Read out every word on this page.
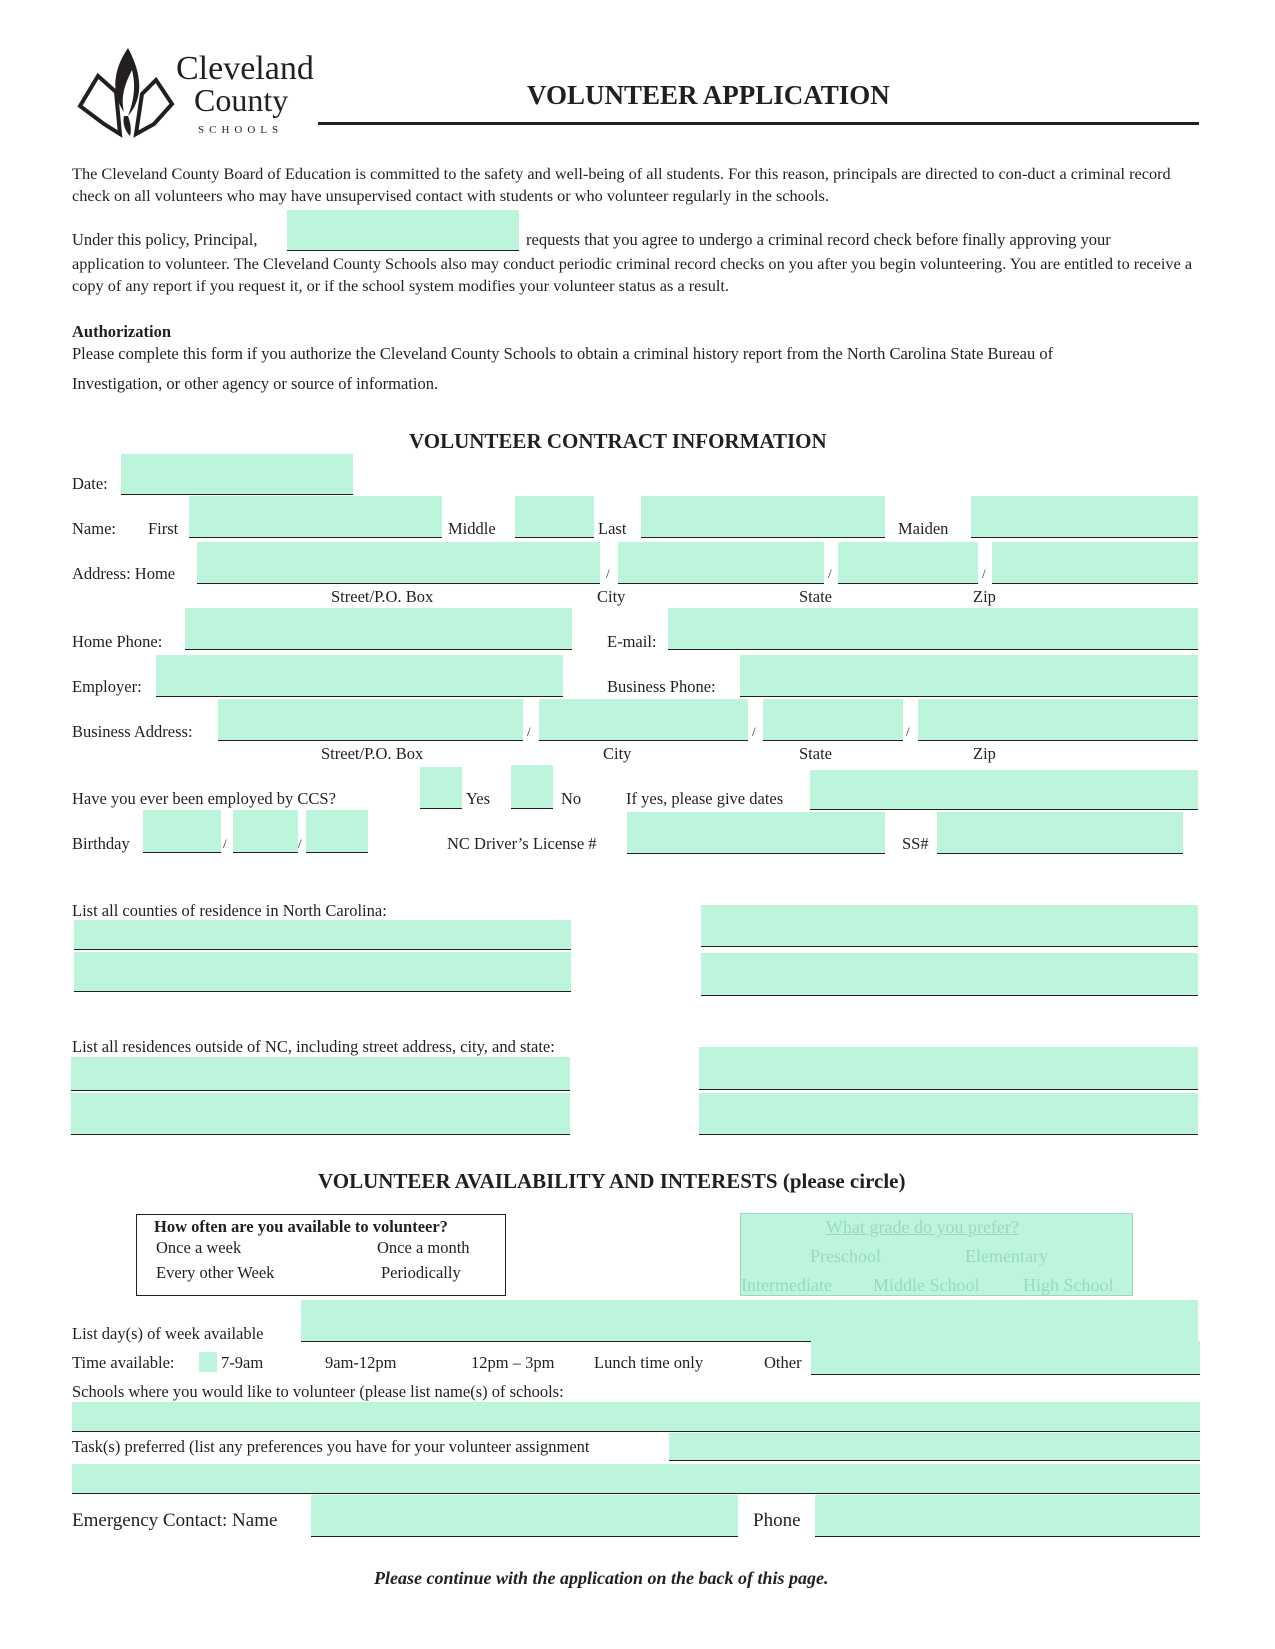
Cleveland
County
SCHOOLS
VOLUNTEER APPLICATION
The Cleveland County Board of Education is committed to the safety and well-being of all students. For this reason, principals are directed to con-duct a criminal record check on all volunteers who may have unsupervised contact with students or who volunteer regularly in the schools.
Under this policy, Principal,	requests that you agree to undergo a criminal record check before finally approving your
application to volunteer. The Cleveland County Schools also may conduct periodic criminal record checks on you after you begin volunteering. You are entitled to receive a copy of any report if you request it, or if the school system modifies your volunteer status as a result.
Authorization
Please complete this form if you authorize the Cleveland County Schools to obtain a criminal history report from the North Carolina State Bureau of
Investigation, or other agency or source of information.
VOLUNTEER CONTRACT INFORMATION
Date:
Name: First	Middle	Last	Maiden
Address: Home	/	/	/
Street/P.O. Box	City	State	Zip
Home Phone:	E-mail:
Employer:	Business Phone:
Business Address:	/	/	/
Street/P.O. Box	City	State	Zip
Have you ever been employed by CCS?	Yes	No	If yes, please give dates
Birthday	/	/	NC Driver’s License #	SS#
List all counties of residence in North Carolina:
List all residences outside of NC, including street address, city, and state:
VOLUNTEER AVAILABILITY AND INTERESTS (please circle)
How often are you available to volunteer?
Once a week	Once a month
Every other Week	Periodically
What grade do you prefer?
Preschool	Elementary
Intermediate Middle School High School
List day(s) of week available
Time available:	7-9am	9am-12pm	12pm – 3pm Lunch time only	Other
Schools where you would like to volunteer (please list name(s) of schools:
Task(s) preferred (list any preferences you have for your volunteer assignment
Emergency Contact: Name	Phone
Please continue with the application on the back of this page.
